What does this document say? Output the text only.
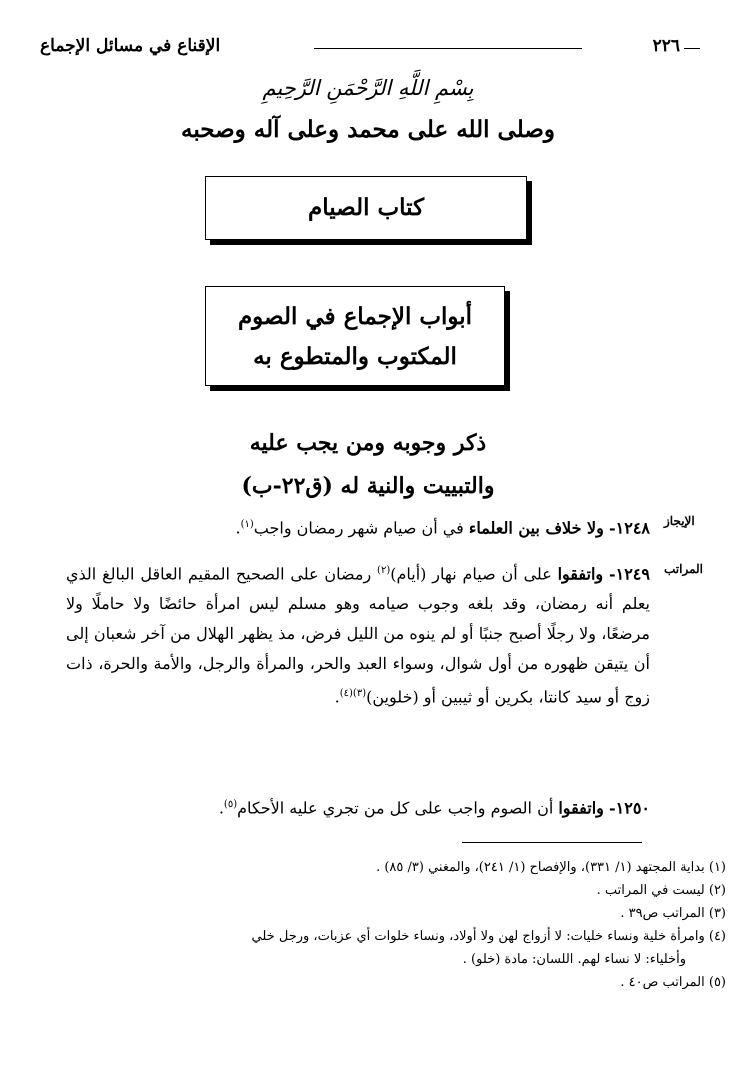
٢٢٦
الإقناع في مسائل الإجماع
بِسْمِ اللَّهِ الرَّحْمَنِ الرَّحِيمِ
وصلى الله على محمد وعلى آله وصحبه
كتاب الصيام
أبواب الإجماع في الصوم
المكتوب والمتطوع به
ذكر وجوبه ومن يجب عليه
والتبييت والنية له (ق٢٢-ب)
الإيجاز
المراتب
١٢٤٨- ولا خلاف بين العلماء في أن صيام شهر رمضان واجب$^{(١)}$.
١٢٤٩- واتفقوا على أن صيام نهار (أيام)$^{(٢)}$ رمضان على الصحيح المقيم العاقل البالغ الذي يعلم أنه رمضان، وقد بلغه وجوب صيامه وهو مسلم ليس امرأة حائضًا ولا حاملًا ولا مرضعًا، ولا رجلًا أصبح جنبًا أو لم ينوه من الليل فرض، مذ يظهر الهلال من آخر شعبان إلى أن يتيقن ظهوره من أول شوال، وسواء العبد والحر، والمرأة والرجل، والأمة والحرة، ذات زوج أو سيد كانتا، بكرين أو ثيبين أو (خلوين)$^{(٣)(٤)}$.
١٢٥٠- واتفقوا أن الصوم واجب على كل من تجري عليه الأحكام$^{(٥)}$.
(١) بداية المجتهد (١/ ٣٣١)، والإفصاح (١/ ٢٤١)، والمغني (٣/ ٨٥) .
(٢) ليست في المراتب .
(٣) المراتب ص٣٩ .
(٤) وامرأة خلية ونساء خليات: لا أزواج لهن ولا أولاد، ونساء خلوات أي عزبات، ورجل خلي
وأخلياء: لا نساء لهم. اللسان: مادة (خلو) .
(٥) المراتب ص٤٠ .
